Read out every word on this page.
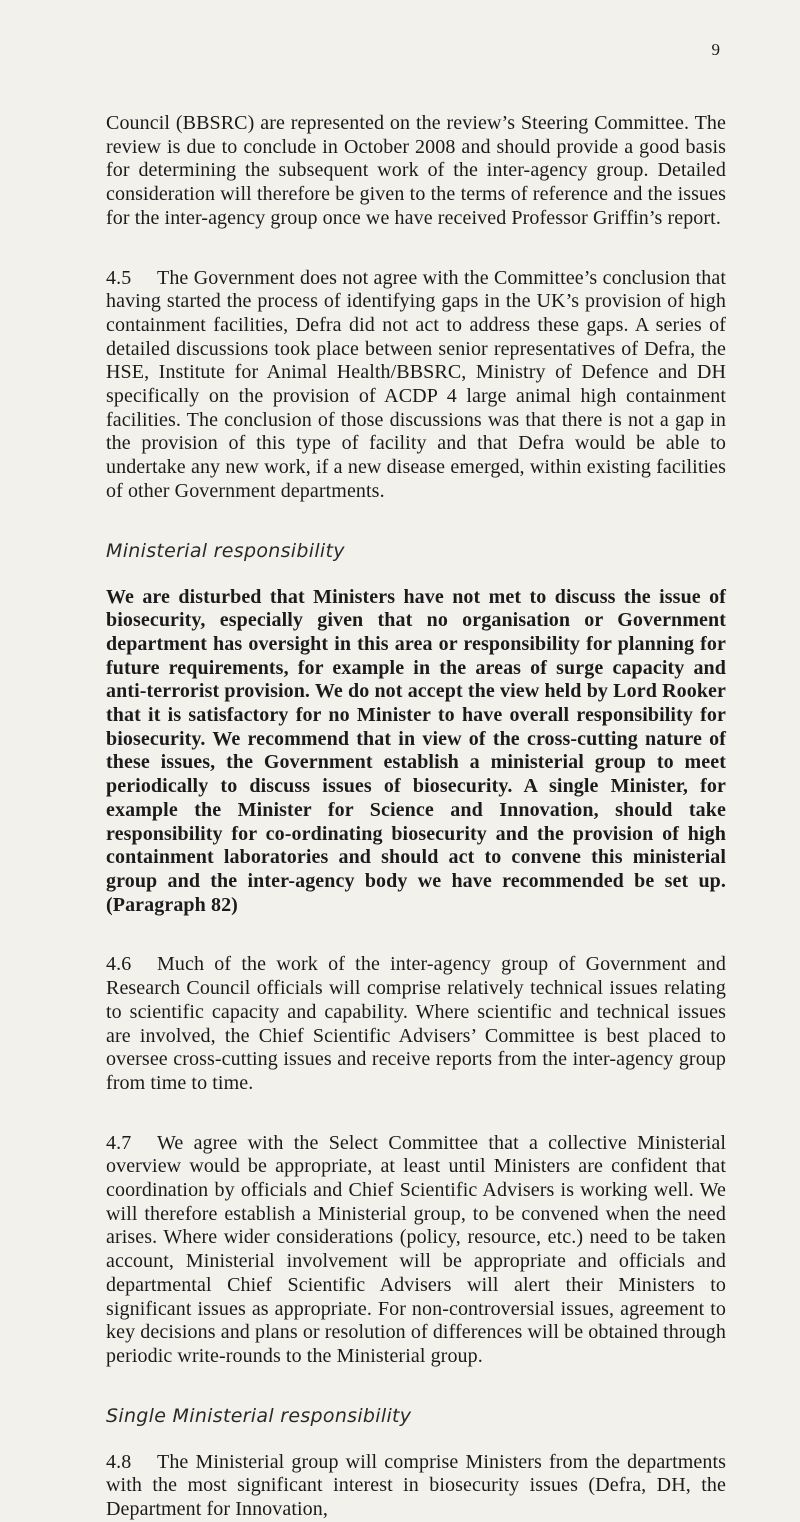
9

Council (BBSRC) are represented on the review’s Steering Committee. The review is due to conclude in October 2008 and should provide a good basis for determining the subsequent work of the inter-agency group. Detailed consideration will therefore be given to the terms of reference and the issues for the inter-agency group once we have received Professor Griffin’s report.

4.5 The Government does not agree with the Committee’s conclusion that having started the process of identifying gaps in the UK’s provision of high containment facilities, Defra did not act to address these gaps. A series of detailed discussions took place between senior representatives of Defra, the HSE, Institute for Animal Health/BBSRC, Ministry of Defence and DH specifically on the provision of ACDP 4 large animal high containment facilities. The conclusion of those discussions was that there is not a gap in the provision of this type of facility and that Defra would be able to undertake any new work, if a new disease emerged, within existing facilities of other Government departments.

Ministerial responsibility

We are disturbed that Ministers have not met to discuss the issue of biosecurity, especially given that no organisation or Government department has oversight in this area or responsibility for planning for future requirements, for example in the areas of surge capacity and anti-terrorist provision. We do not accept the view held by Lord Rooker that it is satisfactory for no Minister to have overall responsibility for biosecurity. We recommend that in view of the cross-cutting nature of these issues, the Government establish a ministerial group to meet periodically to discuss issues of biosecurity. A single Minister, for example the Minister for Science and Innovation, should take responsibility for co-ordinating biosecurity and the provision of high containment laboratories and should act to convene this ministerial group and the inter-agency body we have recommended be set up. (Paragraph 82)

4.6 Much of the work of the inter-agency group of Government and Research Council officials will comprise relatively technical issues relating to scientific capacity and capability. Where scientific and technical issues are involved, the Chief Scientific Advisers’ Committee is best placed to oversee cross-cutting issues and receive reports from the inter-agency group from time to time.

4.7 We agree with the Select Committee that a collective Ministerial overview would be appropriate, at least until Ministers are confident that coordination by officials and Chief Scientific Advisers is working well. We will therefore establish a Ministerial group, to be convened when the need arises. Where wider considerations (policy, resource, etc.) need to be taken account, Ministerial involvement will be appropriate and officials and departmental Chief Scientific Advisers will alert their Ministers to significant issues as appropriate. For non-controversial issues, agreement to key decisions and plans or resolution of differences will be obtained through periodic write-rounds to the Ministerial group.

Single Ministerial responsibility

4.8 The Ministerial group will comprise Ministers from the departments with the most significant interest in biosecurity issues (Defra, DH, the Department for Innovation,
